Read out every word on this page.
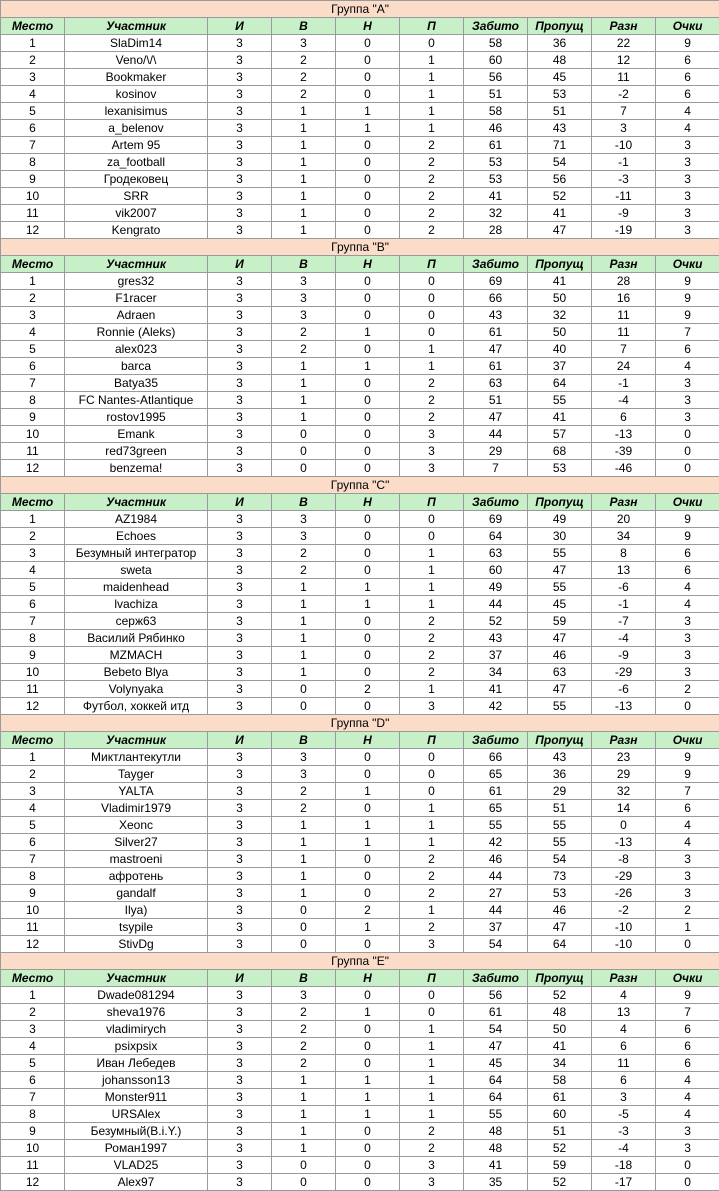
Группа "A"									
Место	Участник	И	В	Н	П	Забито	Пропущ	Разн	Очки
1	SlaDim14	3	3	0	0	58	36	22	9
2	Veno/\/\	3	2	0	1	60	48	12	6
3	Bookmaker	3	2	0	1	56	45	11	6
4	kosinov	3	2	0	1	51	53	-2	6
5	lexanisimus	3	1	1	1	58	51	7	4
6	a_belenov	3	1	1	1	46	43	3	4
7	Artem 95	3	1	0	2	61	71	-10	3
8	za_football	3	1	0	2	53	54	-1	3
9	Гродековец	3	1	0	2	53	56	-3	3
10	SRR	3	1	0	2	41	52	-11	3
11	vik2007	3	1	0	2	32	41	-9	3
12	Kengrato	3	1	0	2	28	47	-19	3
Группа "B"									
Место	Участник	И	В	Н	П	Забито	Пропущ	Разн	Очки
1	gres32	3	3	0	0	69	41	28	9
2	F1racer	3	3	0	0	66	50	16	9
3	Adraen	3	3	0	0	43	32	11	9
4	Ronnie (Aleks)	3	2	1	0	61	50	11	7
5	alex023	3	2	0	1	47	40	7	6
6	barca	3	1	1	1	61	37	24	4
7	Batya35	3	1	0	2	63	64	-1	3
8	FC Nantes-Atlantique	3	1	0	2	51	55	-4	3
9	rostov1995	3	1	0	2	47	41	6	3
10	Emank	3	0	0	3	44	57	-13	0
11	red73green	3	0	0	3	29	68	-39	0
12	benzema!	3	0	0	3	7	53	-46	0
Группа "C"									
Место	Участник	И	В	Н	П	Забито	Пропущ	Разн	Очки
1	AZ1984	3	3	0	0	69	49	20	9
2	Echoes	3	3	0	0	64	30	34	9
3	Безумный интегратор	3	2	0	1	63	55	8	6
4	sweta	3	2	0	1	60	47	13	6
5	maidenhead	3	1	1	1	49	55	-6	4
6	lvachiza	3	1	1	1	44	45	-1	4
7	серж63	3	1	0	2	52	59	-7	3
8	Василий Рябинко	3	1	0	2	43	47	-4	3
9	MZMACH	3	1	0	2	37	46	-9	3
10	Bebeto Blya	3	1	0	2	34	63	-29	3
11	Volynyaka	3	0	2	1	41	47	-6	2
12	Футбол, хоккей итд	3	0	0	3	42	55	-13	0
Группа "D"									
Место	Участник	И	В	Н	П	Забито	Пропущ	Разн	Очки
1	Миктлантекутли	3	3	0	0	66	43	23	9
2	Tayger	3	3	0	0	65	36	29	9
3	YALTA	3	2	1	0	61	29	32	7
4	Vladimir1979	3	2	0	1	65	51	14	6
5	Xeonc	3	1	1	1	55	55	0	4
6	Silver27	3	1	1	1	42	55	-13	4
7	mastroeni	3	1	0	2	46	54	-8	3
8	афротень	3	1	0	2	44	73	-29	3
9	gandalf	3	1	0	2	27	53	-26	3
10	Ilya)	3	0	2	1	44	46	-2	2
11	tsypile	3	0	1	2	37	47	-10	1
12	StivDg	3	0	0	3	54	64	-10	0
Группа "E"									
Место	Участник	И	В	Н	П	Забито	Пропущ	Разн	Очки
1	Dwade081294	3	3	0	0	56	52	4	9
2	sheva1976	3	2	1	0	61	48	13	7
3	vladimirych	3	2	0	1	54	50	4	6
4	psixpsix	3	2	0	1	47	41	6	6
5	Иван Лебедев	3	2	0	1	45	34	11	6
6	johansson13	3	1	1	1	64	58	6	4
7	Monster911	3	1	1	1	64	61	3	4
8	URSAlex	3	1	1	1	55	60	-5	4
9	Безумный(B.i.Y.)	3	1	0	2	48	51	-3	3
10	Роман1997	3	1	0	2	48	52	-4	3
11	VLAD25	3	0	0	3	41	59	-18	0
12	Alex97	3	0	0	3	35	52	-17	0
